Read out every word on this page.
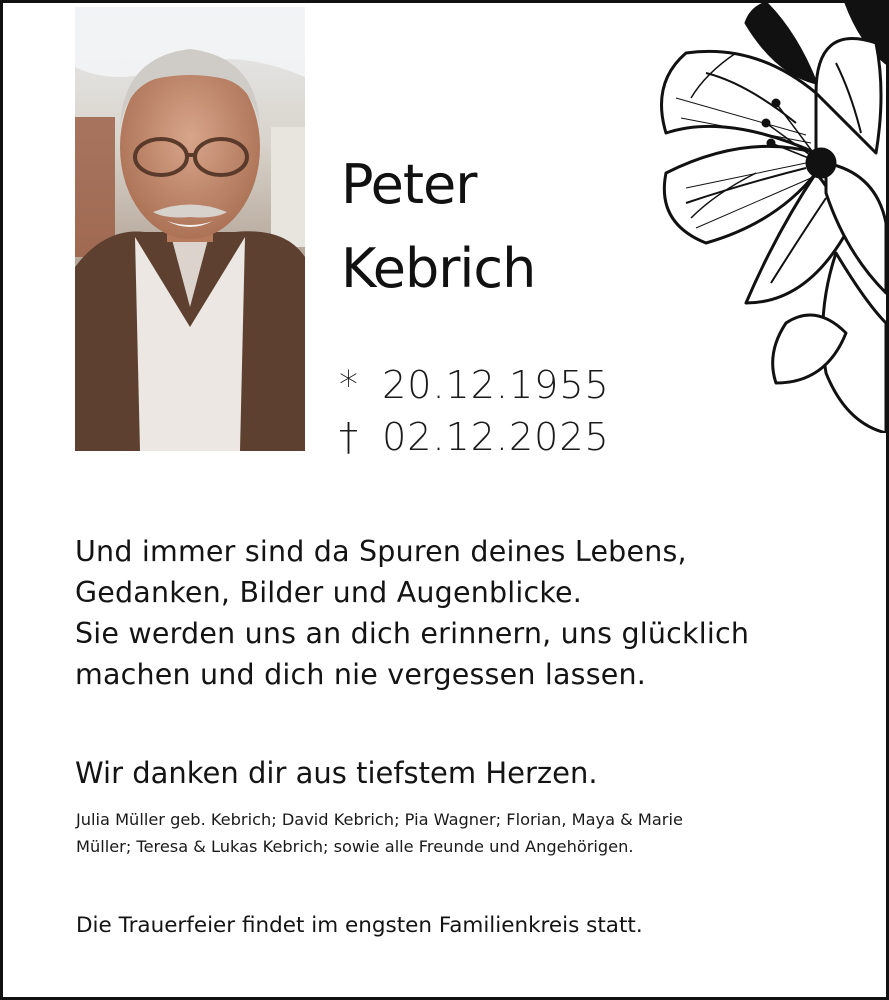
Peter
Kebrich
* 20.12.1955
† 02.12.2025
Und immer sind da Spuren deines Lebens,
Gedanken, Bilder und Augenblicke.
Sie werden uns an dich erinnern, uns glücklich
machen und dich nie vergessen lassen.
Wir danken dir aus tiefstem Herzen.
Julia Müller geb. Kebrich; David Kebrich; Pia Wagner; Florian, Maya & Marie
Müller; Teresa & Lukas Kebrich; sowie alle Freunde und Angehörigen.
Die Trauerfeier findet im engsten Familienkreis statt.
